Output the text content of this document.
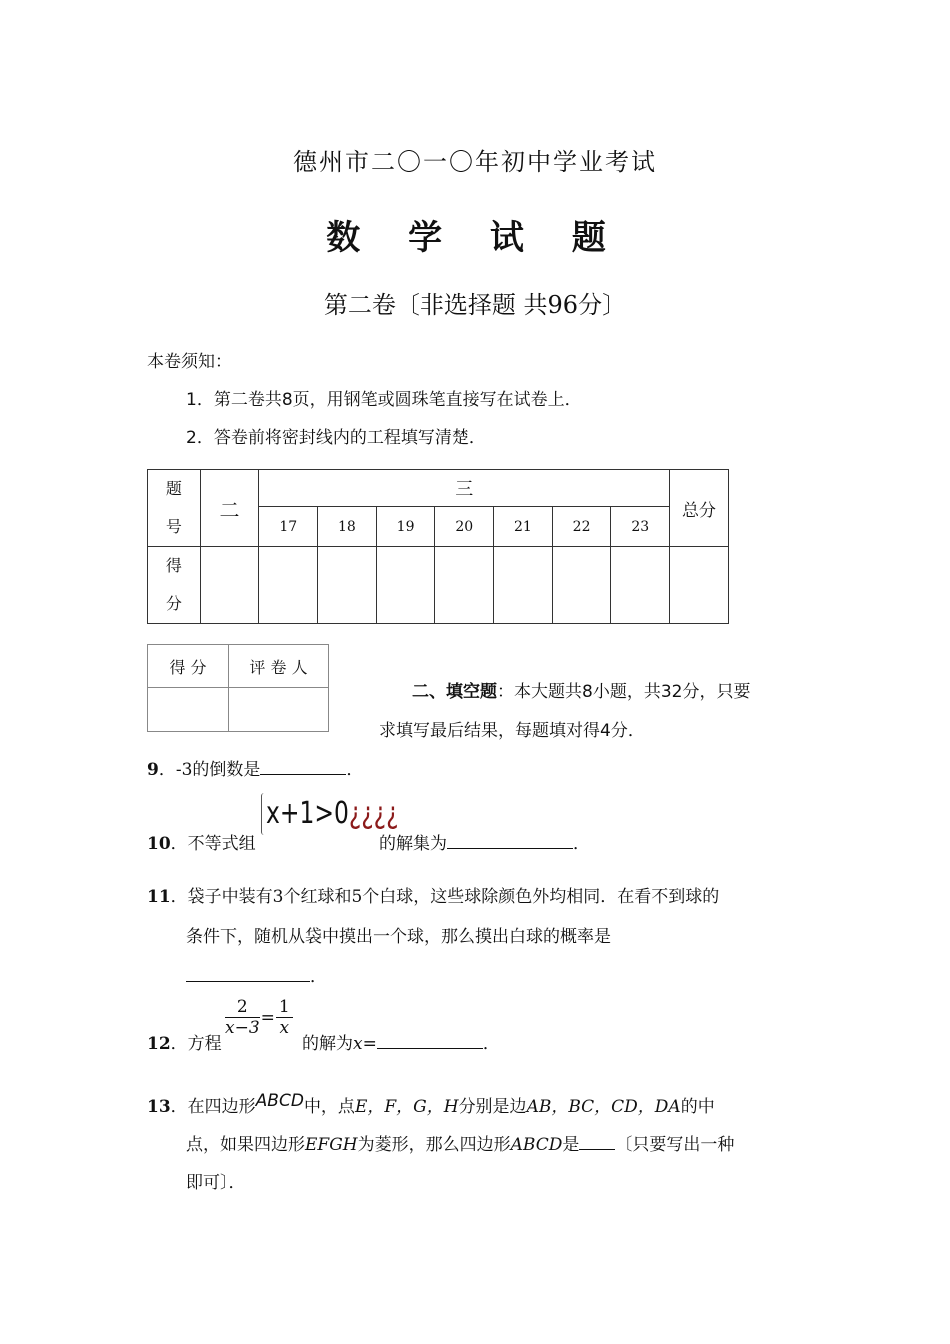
德州市二〇一〇年初中学业考试
数 学 试 题
第二卷〔非选择题 共96分〕
本卷须知：
1．第二卷共8页，用钢笔或圆珠笔直接写在试卷上．
2．答卷前将密封线内的工程填写清楚．
题
号	二	三							总分
		17	18	19	20	21	22	23	

得
分									

得 分	评 卷 人

二、填空题：本大题共8小题，共32分，只要
求填写最后结果，每题填对得4分．
9．-3的倒数是	．
10．不等式组
x+1>0¿¿¿¿
的解集为	．
11．袋子中装有3个红球和5个白球，这些球除颜色外均相同．在看不到球的
条件下，随机从袋中摸出一个球，那么摸出白球的概率是
．
12．方程
$\frac{2}{x-3} = \frac{1}{x}$
的解为x=	．
13．在四边形ABCD中，点E，F，G，H分别是边AB，BC，CD，DA的中
点，如果四边形EFGH为菱形，那么四边形ABCD是 〔只要写出一种
即可〕．
